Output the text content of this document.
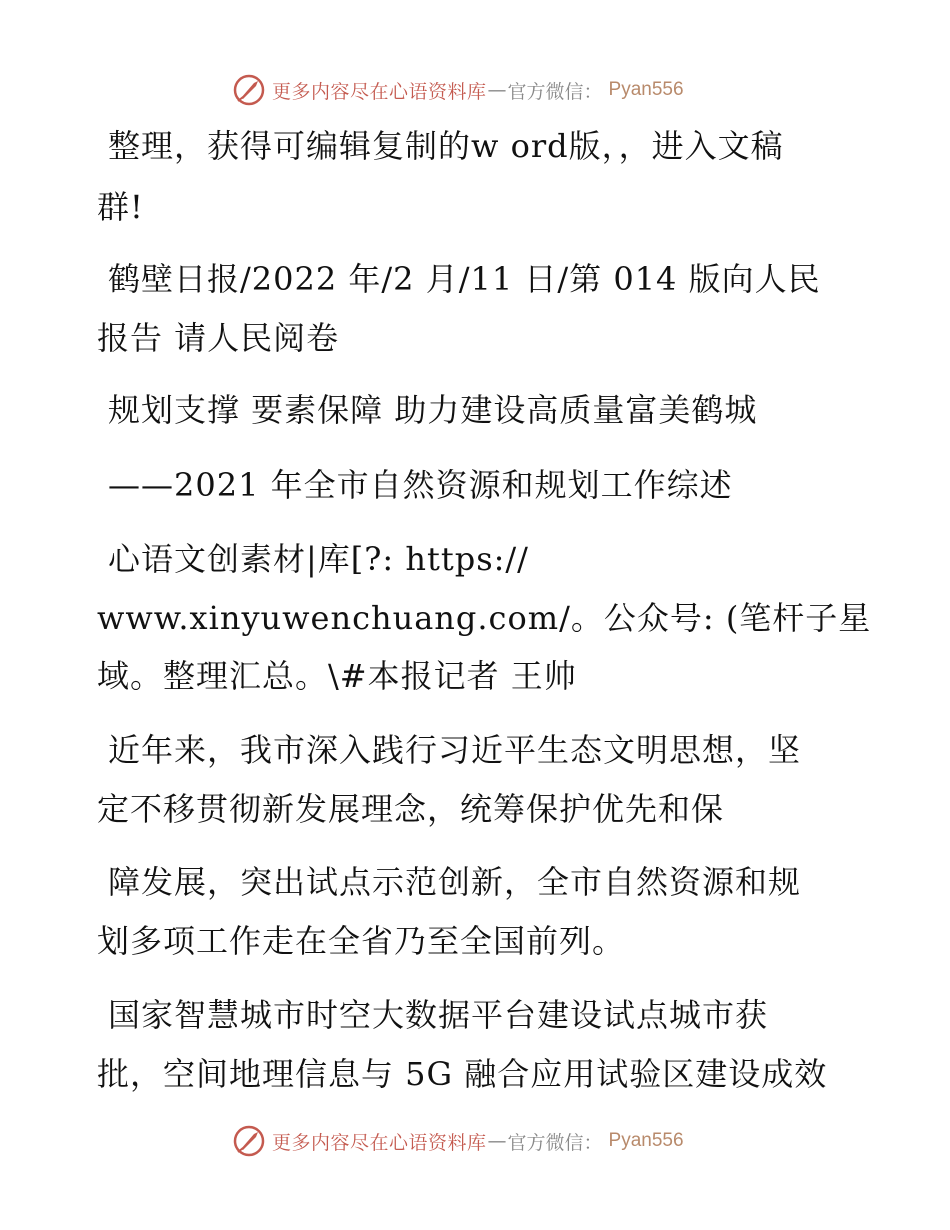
更多内容尽在心语资料库 — 官方微信： Pyan556
整理，获得可编辑复制的w ord版，，进入文稿
群!
鹤壁日报/2022 年/2 月/11 日/第 014 版向人民
报告 请人民阅卷
规划支撑 要素保障 助力建设高质量富美鹤城
——2021 年全市自然资源和规划工作综述
心语文创素材|库[?: https://
www.xinyuwenchuang.com/。公众号: (笔杆子星
域。整理汇总。\#本报记者 王帅
近年来，我市深入践行习近平生态文明思想，坚
定不移贯彻新发展理念，统筹保护优先和保
障发展，突出试点示范创新，全市自然资源和规
划多项工作走在全省乃至全国前列。
国家智慧城市时空大数据平台建设试点城市获
批，空间地理信息与 5G 融合应用试验区建设成效
更多内容尽在心语资料库 — 官方微信： Pyan556
